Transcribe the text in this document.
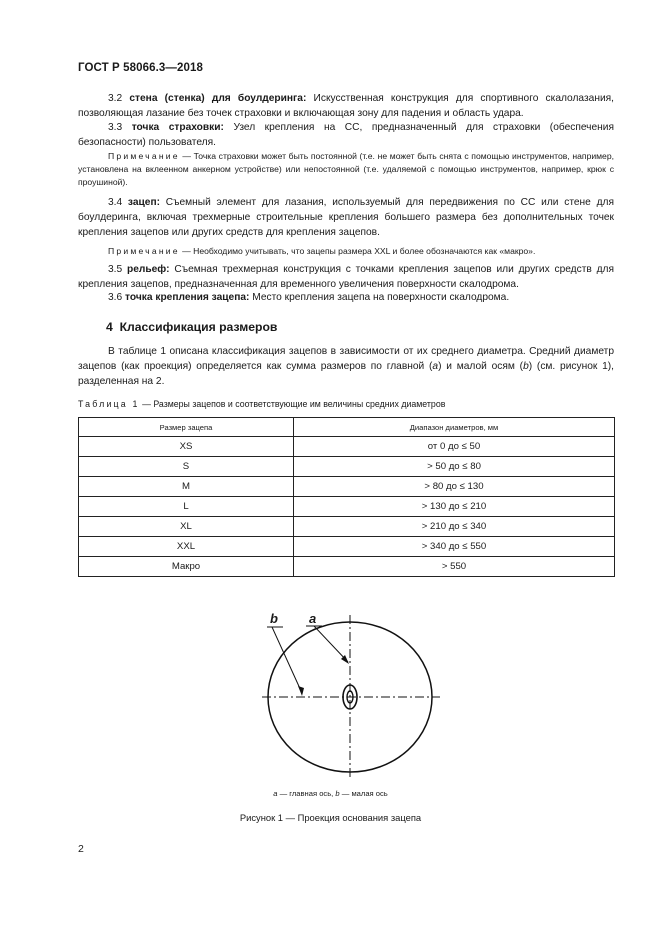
ГОСТ Р 58066.3—2018
3.2 стена (стенка) для боулдеринга: Искусственная конструкция для спортивного скалолазания, позволяющая лазание без точек страховки и включающая зону для падения и область удара.
3.3 точка страховки: Узел крепления на СС, предназначенный для страховки (обеспечения безопасности) пользователя.
Примечание — Точка страховки может быть постоянной (т.е. не может быть снята с помощью инструментов, например, установлена на вклеенном анкерном устройстве) или непостоянной (т.е. удаляемой с помощью инструментов, например, крюк с проушиной).
3.4 зацеп: Съемный элемент для лазания, используемый для передвижения по СС или стене для боулдеринга, включая трехмерные строительные крепления большего размера без дополнительных точек крепления зацепов или других средств для крепления зацепов.
Примечание — Необходимо учитывать, что зацепы размера XXL и более обозначаются как «макро».
3.5 рельеф: Съемная трехмерная конструкция с точками крепления зацепов или других средств для крепления зацепов, предназначенная для временного увеличения поверхности скалодрома.
3.6 точка крепления зацепа: Место крепления зацепа на поверхности скалодрома.
4 Классификация размеров
В таблице 1 описана классификация зацепов в зависимости от их среднего диаметра. Средний диаметр зацепов (как проекция) определяется как сумма размеров по главной (a) и малой осям (b) (см. рисунок 1), разделенная на 2.
Таблица 1 — Размеры зацепов и соответствующие им величины средних диаметров
Размер зацепа	Диапазон диаметров, мм
XS	от 0 до ≤ 50
S	> 50 до ≤ 80
M	> 80 до ≤ 130
L	> 130 до ≤ 210
XL	> 210 до ≤ 340
XXL	> 340 до ≤ 550
Макро	> 550
b a
a — главная ось, b — малая ось
Рисунок 1 — Проекция основания зацепа
2
